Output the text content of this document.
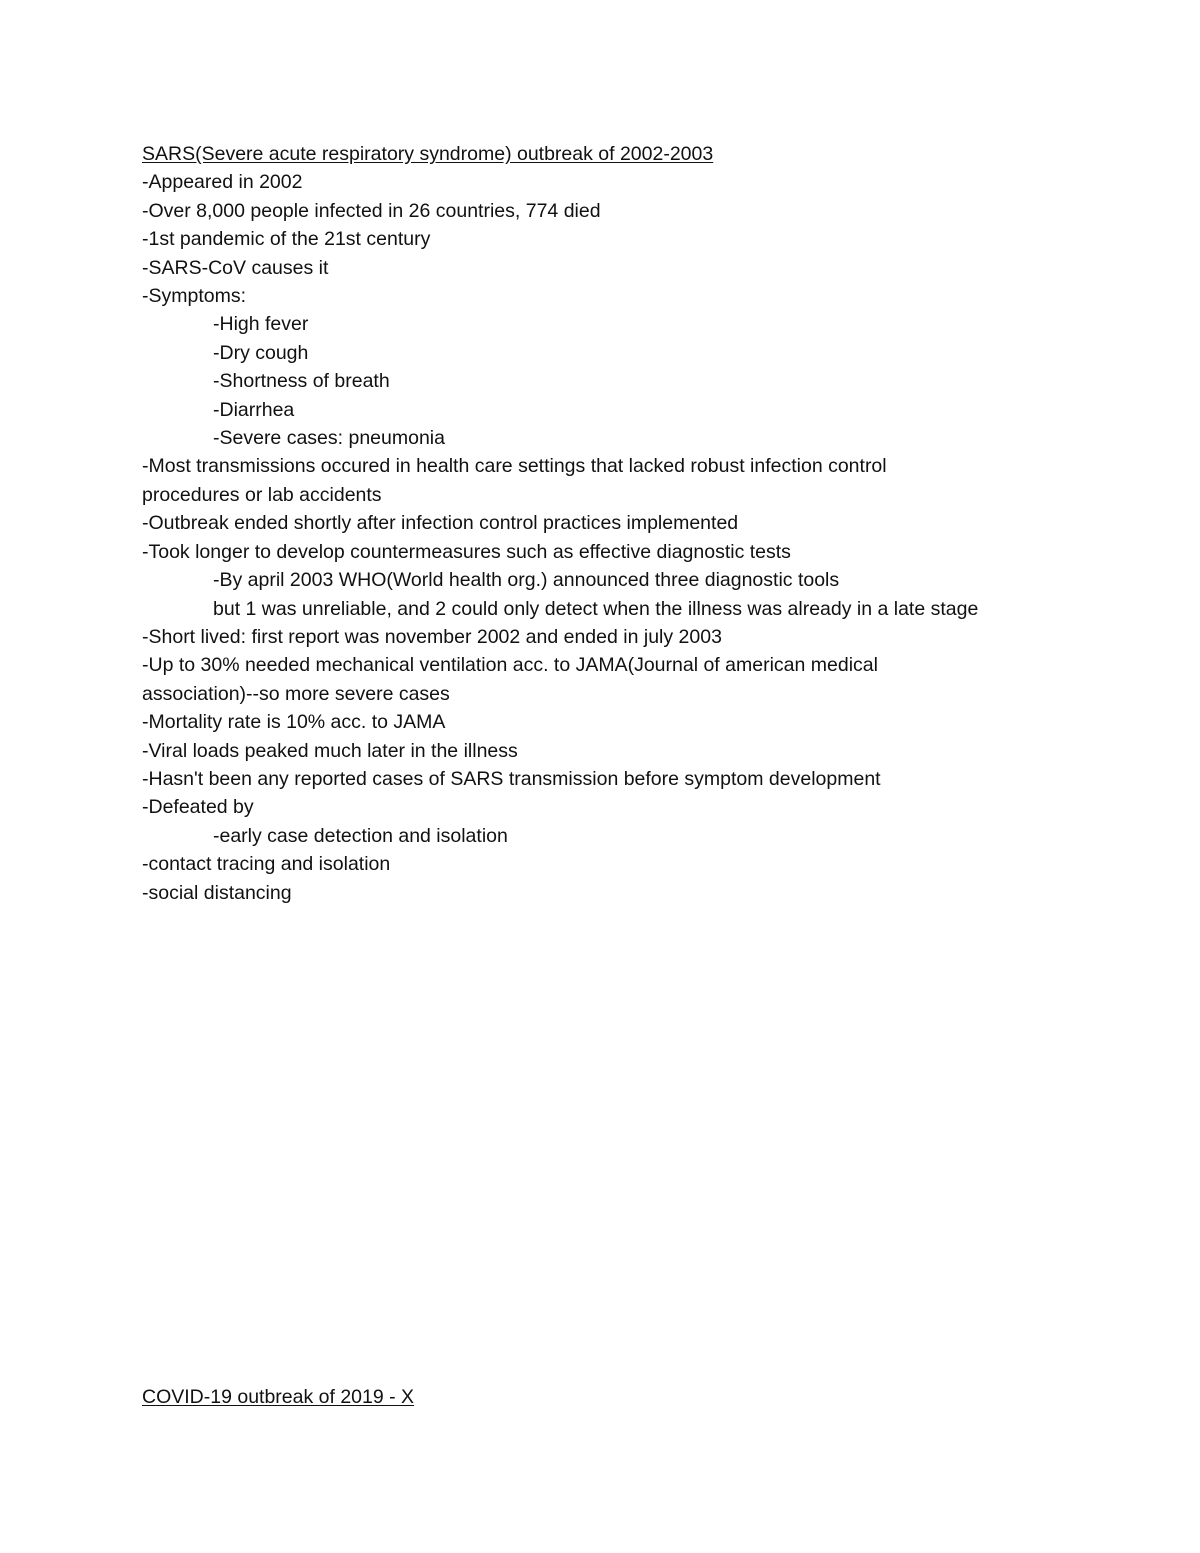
SARS(Severe acute respiratory syndrome) outbreak of 2002-2003

-Appeared in 2002

-Over 8,000 people infected in 26 countries, 774 died

-1st pandemic of the 21st century

-SARS-CoV causes it

-Symptoms:

-High fever

-Dry cough

-Shortness of breath

-Diarrhea

-Severe cases: pneumonia

-Most transmissions occured in health care settings that lacked robust infection control

procedures or lab accidents

-Outbreak ended shortly after infection control practices implemented

-Took longer to develop countermeasures such as effective diagnostic tests

-By april 2003 WHO(World health org.) announced three diagnostic tools

but 1 was unreliable, and 2 could only detect when the illness was already in a late stage

-Short lived: first report was november 2002 and ended in july 2003

-Up to 30% needed mechanical ventilation acc. to JAMA(Journal of american medical

association)--so more severe cases

-Mortality rate is 10% acc. to JAMA

-Viral loads peaked much later in the illness

-Hasn't been any reported cases of SARS transmission before symptom development

-Defeated by

-early case detection and isolation

-contact tracing and isolation

-social distancing

COVID-19 outbreak of 2019 - X
